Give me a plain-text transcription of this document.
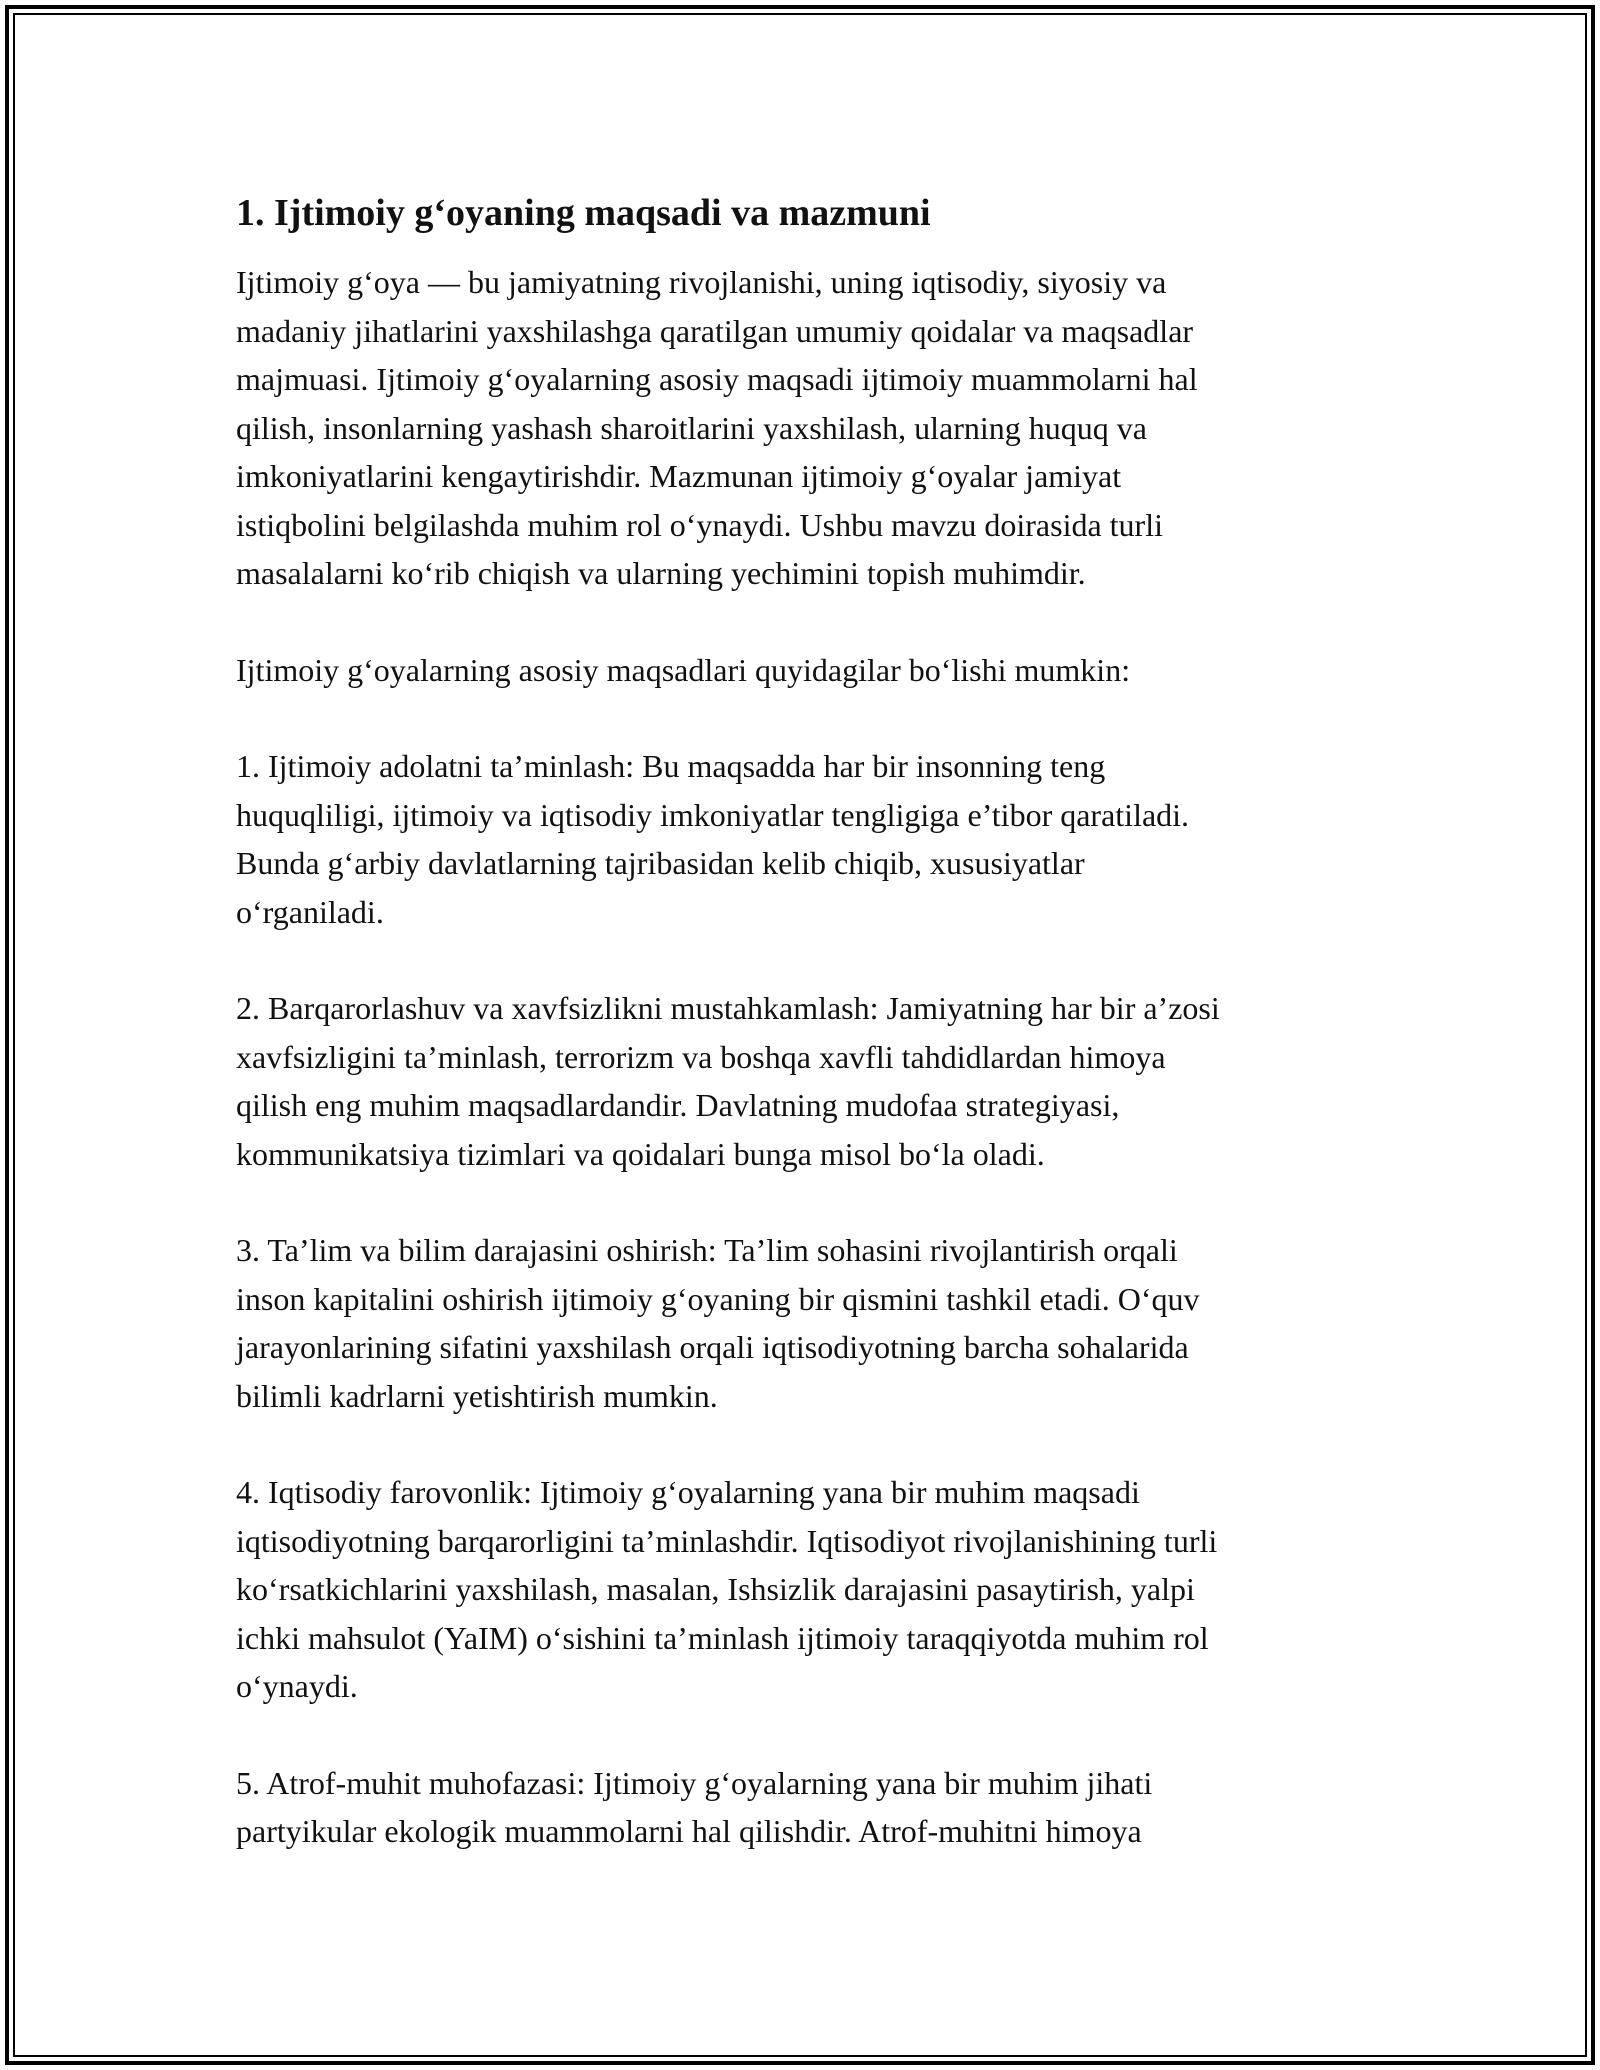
1. Ijtimoiy g‘oyaning maqsadi va mazmuni

Ijtimoiy g‘oya — bu jamiyatning rivojlanishi, uning iqtisodiy, siyosiy va
madaniy jihatlarini yaxshilashga qaratilgan umumiy qoidalar va maqsadlar
majmuasi. Ijtimoiy g‘oyalarning asosiy maqsadi ijtimoiy muammolarni hal
qilish, insonlarning yashash sharoitlarini yaxshilash, ularning huquq va
imkoniyatlarini kengaytirishdir. Mazmunan ijtimoiy g‘oyalar jamiyat
istiqbolini belgilashda muhim rol o‘ynaydi. Ushbu mavzu doirasida turli
masalalarni ko‘rib chiqish va ularning yechimini topish muhimdir.

Ijtimoiy g‘oyalarning asosiy maqsadlari quyidagilar bo‘lishi mumkin:

1. Ijtimoiy adolatni ta’minlash: Bu maqsadda har bir insonning teng
huquqliligi, ijtimoiy va iqtisodiy imkoniyatlar tengligiga e’tibor qaratiladi.
Bunda g‘arbiy davlatlarning tajribasidan kelib chiqib, xususiyatlar
o‘rganiladi.

2. Barqarorlashuv va xavfsizlikni mustahkamlash: Jamiyatning har bir a’zosi
xavfsizligini ta’minlash, terrorizm va boshqa xavfli tahdidlardan himoya
qilish eng muhim maqsadlardandir. Davlatning mudofaa strategiyasi,
kommunikatsiya tizimlari va qoidalari bunga misol bo‘la oladi.

3. Ta’lim va bilim darajasini oshirish: Ta’lim sohasini rivojlantirish orqali
inson kapitalini oshirish ijtimoiy g‘oyaning bir qismini tashkil etadi. O‘quv
jarayonlarining sifatini yaxshilash orqali iqtisodiyotning barcha sohalarida
bilimli kadrlarni yetishtirish mumkin.

4. Iqtisodiy farovonlik: Ijtimoiy g‘oyalarning yana bir muhim maqsadi
iqtisodiyotning barqarorligini ta’minlashdir. Iqtisodiyot rivojlanishining turli
ko‘rsatkichlarini yaxshilash, masalan, Ishsizlik darajasini pasaytirish, yalpi
ichki mahsulot (YaIM) o‘sishini ta’minlash ijtimoiy taraqqiyotda muhim rol
o‘ynaydi.

5. Atrof-muhit muhofazasi: Ijtimoiy g‘oyalarning yana bir muhim jihati
partyikular ekologik muammolarni hal qilishdir. Atrof-muhitni himoya
